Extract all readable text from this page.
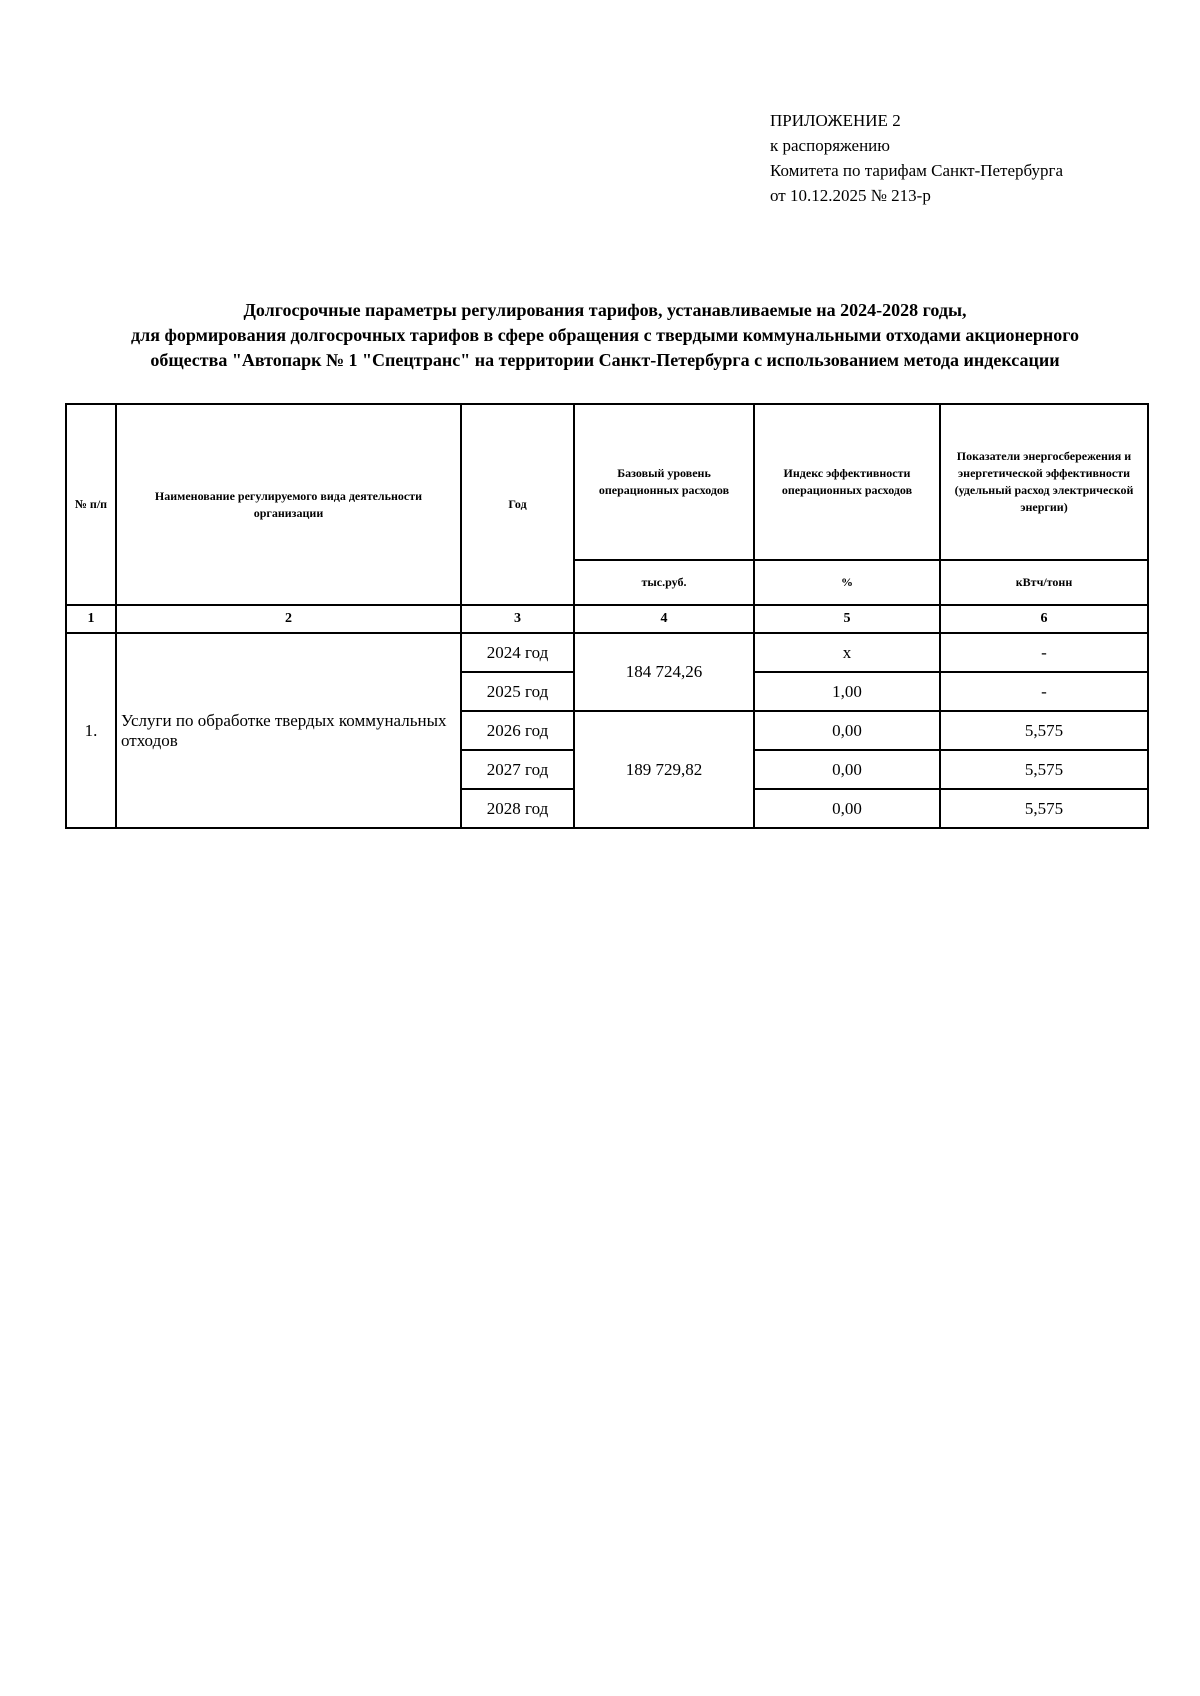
ПРИЛОЖЕНИЕ 2
к распоряжению
Комитета по тарифам Санкт-Петербурга
от 10.12.2025 № 213-р
Долгосрочные параметры регулирования тарифов, устанавливаемые на 2024-2028 годы,
для формирования долгосрочных тарифов в сфере обращения с твердыми коммунальными отходами акционерного
общества "Автопарк № 1 "Спецтранс" на территории Санкт-Петербурга с использованием метода индексации
№ п/п	Наименование регулируемого вида деятельности организации	Год	Базовый уровень операционных расходов	Индекс эффективности операционных расходов	Показатели энергосбережения и энергетической эффективности (удельный расход электрической энергии)
			тыс.руб.	%	кВтч/тонн
1	2	3	4	5	6
1.	Услуги по обработке твердых коммунальных отходов	2024 год	184 724,26	x	-
		2025 год		1,00	-
		2026 год	189 729,82	0,00	5,575
		2027 год		0,00	5,575
		2028 год		0,00	5,575
